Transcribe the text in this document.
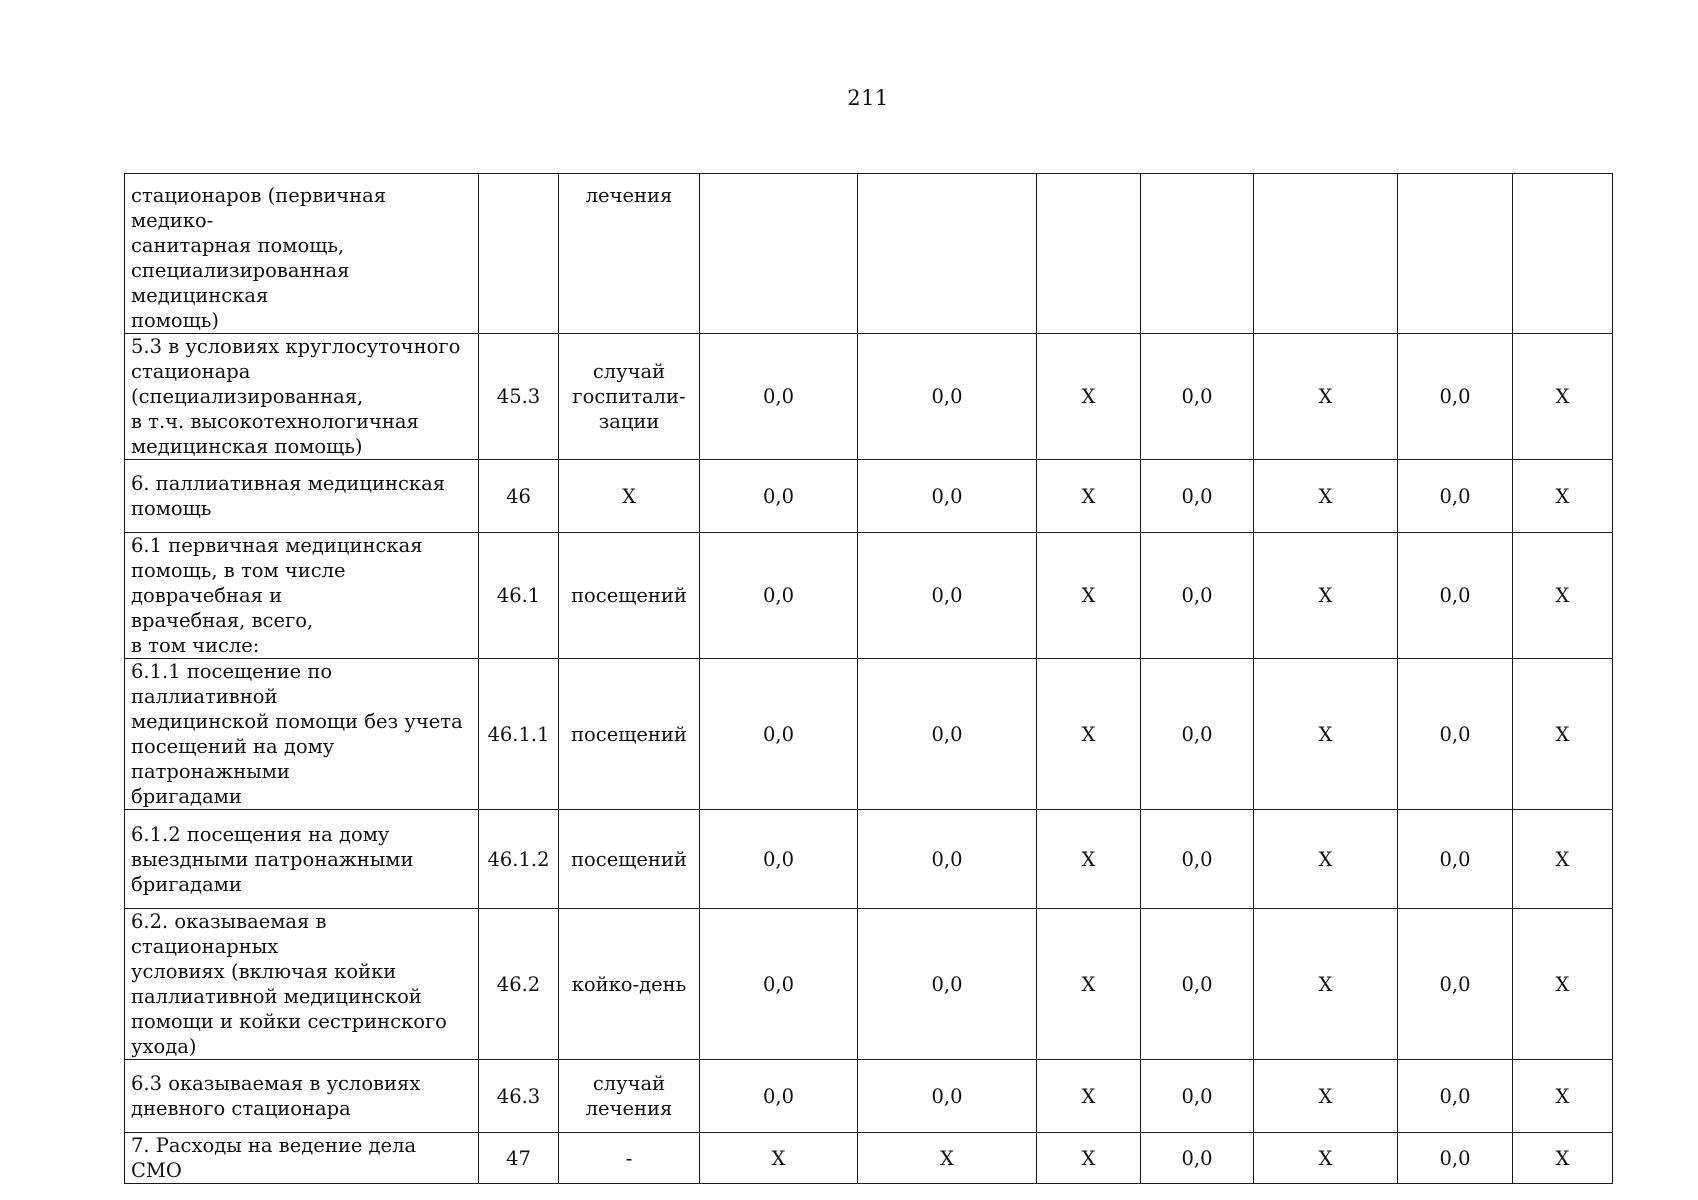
211
стационаров (первичная медико-
санитарная помощь,
специализированная медицинская
помощь)		лечения							
5.3 в условиях круглосуточного
стационара (специализированная,
в т.ч. высокотехнологичная
медицинская помощь)	45.3	случай
госпитали-
зации	0,0	0,0	X	0,0	X	0,0	X
6. паллиативная медицинская
помощь	46	X	0,0	0,0	X	0,0	X	0,0	X
6.1 первичная медицинская
помощь, в том числе доврачебная и
врачебная, всего,
в том числе:	46.1	посещений	0,0	0,0	X	0,0	X	0,0	X
6.1.1 посещение по паллиативной
медицинской помощи без учета
посещений на дому патронажными
бригадами	46.1.1	посещений	0,0	0,0	X	0,0	X	0,0	X
6.1.2 посещения на дому
выездными патронажными
бригадами	46.1.2	посещений	0,0	0,0	X	0,0	X	0,0	X
6.2. оказываемая в стационарных
условиях (включая койки
паллиативной медицинской
помощи и койки сестринского
ухода)	46.2	койко-день	0,0	0,0	X	0,0	X	0,0	X
6.3 оказываемая в условиях
дневного стационара	46.3	случай
лечения	0,0	0,0	X	0,0	X	0,0	X
7. Расходы на ведение дела СМО	47	-	X	X	X	0,0	X	0,0	X
